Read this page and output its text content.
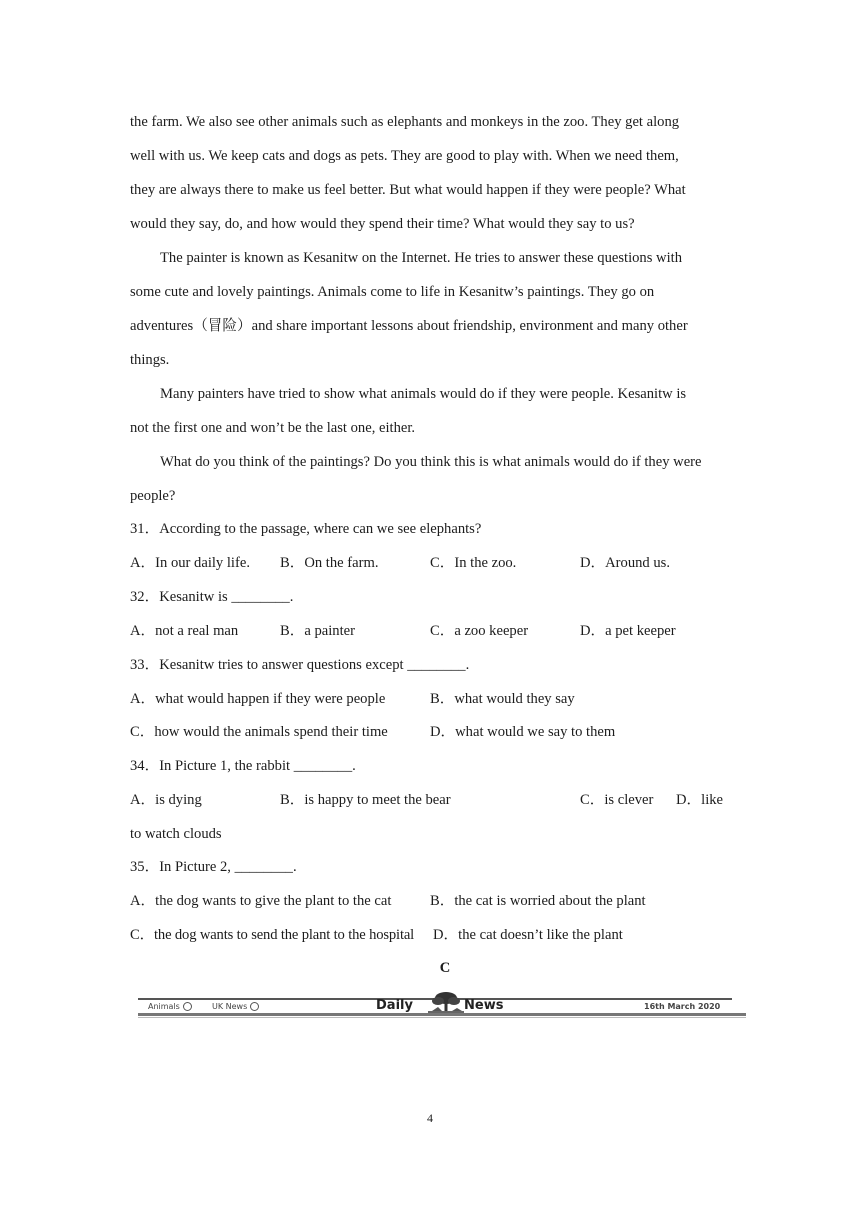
the farm. We also see other animals such as elephants and monkeys in the zoo. They get along
well with us. We keep cats and dogs as pets. They are good to play with. When we need them,
they are always there to make us feel better. But what would happen if they were people? What
would they say, do, and how would they spend their time? What would they say to us?
The painter is known as Kesanitw on the Internet. He tries to answer these questions with
some cute and lovely paintings. Animals come to life in Kesanitw’s paintings. They go on
adventures（冒险）and share important lessons about friendship, environment and many other
things.
Many painters have tried to show what animals would do if they were people. Kesanitw is
not the first one and won’t be the last one, either.
What do you think of the paintings? Do you think this is what animals would do if they were
people?
31．According to the passage, where can we see elephants?
A．In our daily life. B．On the farm.	C．In the zoo.	D．Around us.
32．Kesanitw is ________.
A．not a real man	B．a painter	C．a zoo keeper	D．a pet keeper
33．Kesanitw tries to answer questions except ________.
A．what would happen if they were people	B．what would they say
C．how would the animals spend their time	D．what would we say to them
34．In Picture 1, the rabbit ________.
A．is dying	B．is happy to meet the bear	C．is clever D．like
to watch clouds
35．In Picture 2, ________.
A．the dog wants to give the plant to the cat	B．the cat is worried about the plant
C．the dog wants to send the plant to the hospital D．the cat doesn’t like the plant
C
Animals	UK News	Daily	News	16th March 2020
4
